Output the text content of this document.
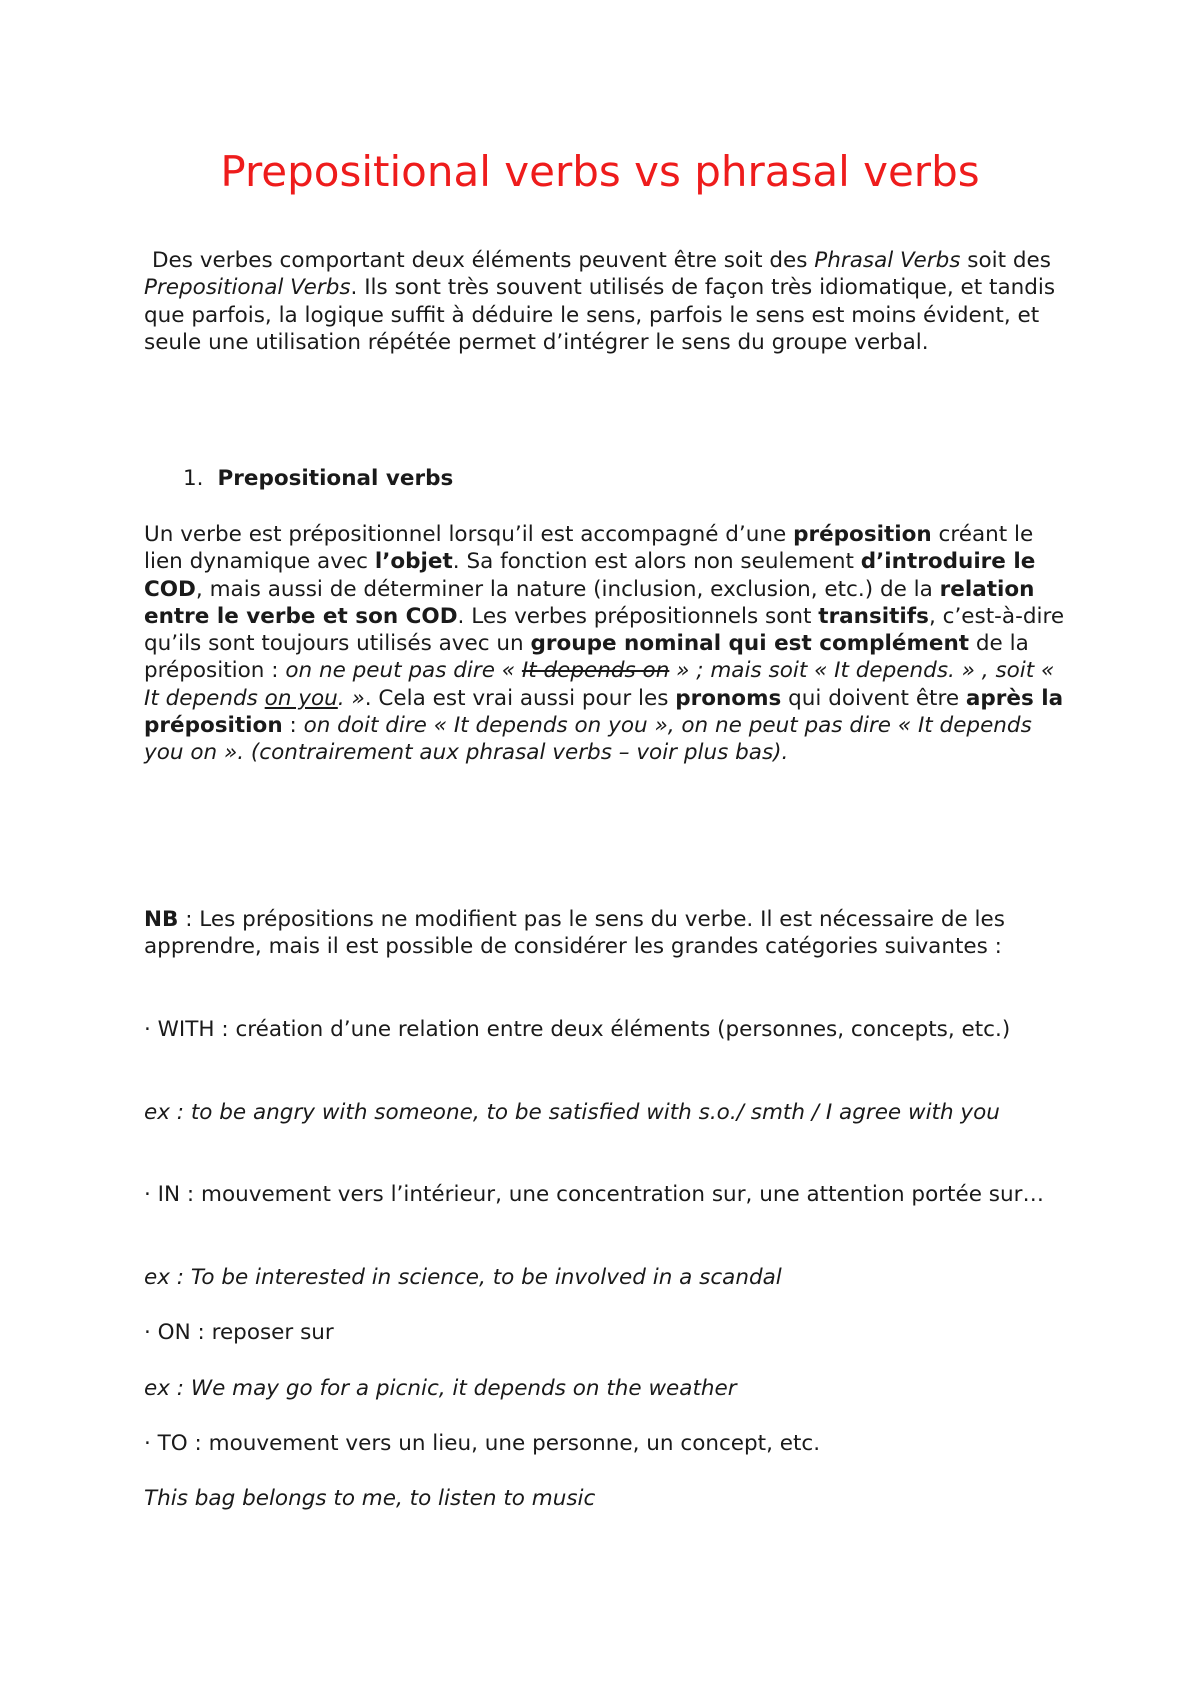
Prepositional verbs vs phrasal verbs

Des verbes comportant deux éléments peuvent être soit des Phrasal Verbs soit des Prepositional Verbs. Ils sont très souvent utilisés de façon très idiomatique, et tandis que parfois, la logique suffit à déduire le sens, parfois le sens est moins évident, et seule une utilisation répétée permet d’intégrer le sens du groupe verbal.

1. Prepositional verbs

Un verbe est prépositionnel lorsqu’il est accompagné d’une préposition créant le lien dynamique avec l’objet. Sa fonction est alors non seulement d’introduire le COD, mais aussi de déterminer la nature (inclusion, exclusion, etc.) de la relation entre le verbe et son COD. Les verbes prépositionnels sont transitifs, c’est-à-dire qu’ils sont toujours utilisés avec un groupe nominal qui est complément de la préposition : on ne peut pas dire « It depends on » ; mais soit « It depends. » , soit « It depends on you. ». Cela est vrai aussi pour les pronoms qui doivent être après la préposition : on doit dire « It depends on you », on ne peut pas dire « It depends you on ». (contrairement aux phrasal verbs – voir plus bas).

NB : Les prépositions ne modifient pas le sens du verbe. Il est nécessaire de les apprendre, mais il est possible de considérer les grandes catégories suivantes :

· WITH : création d’une relation entre deux éléments (personnes, concepts, etc.)

ex : to be angry with someone, to be satisfied with s.o./ smth / I agree with you

· IN : mouvement vers l’intérieur, une concentration sur, une attention portée sur…

ex : To be interested in science, to be involved in a scandal

· ON : reposer sur

ex : We may go for a picnic, it depends on the weather

· TO : mouvement vers un lieu, une personne, un concept, etc.

This bag belongs to me, to listen to music
